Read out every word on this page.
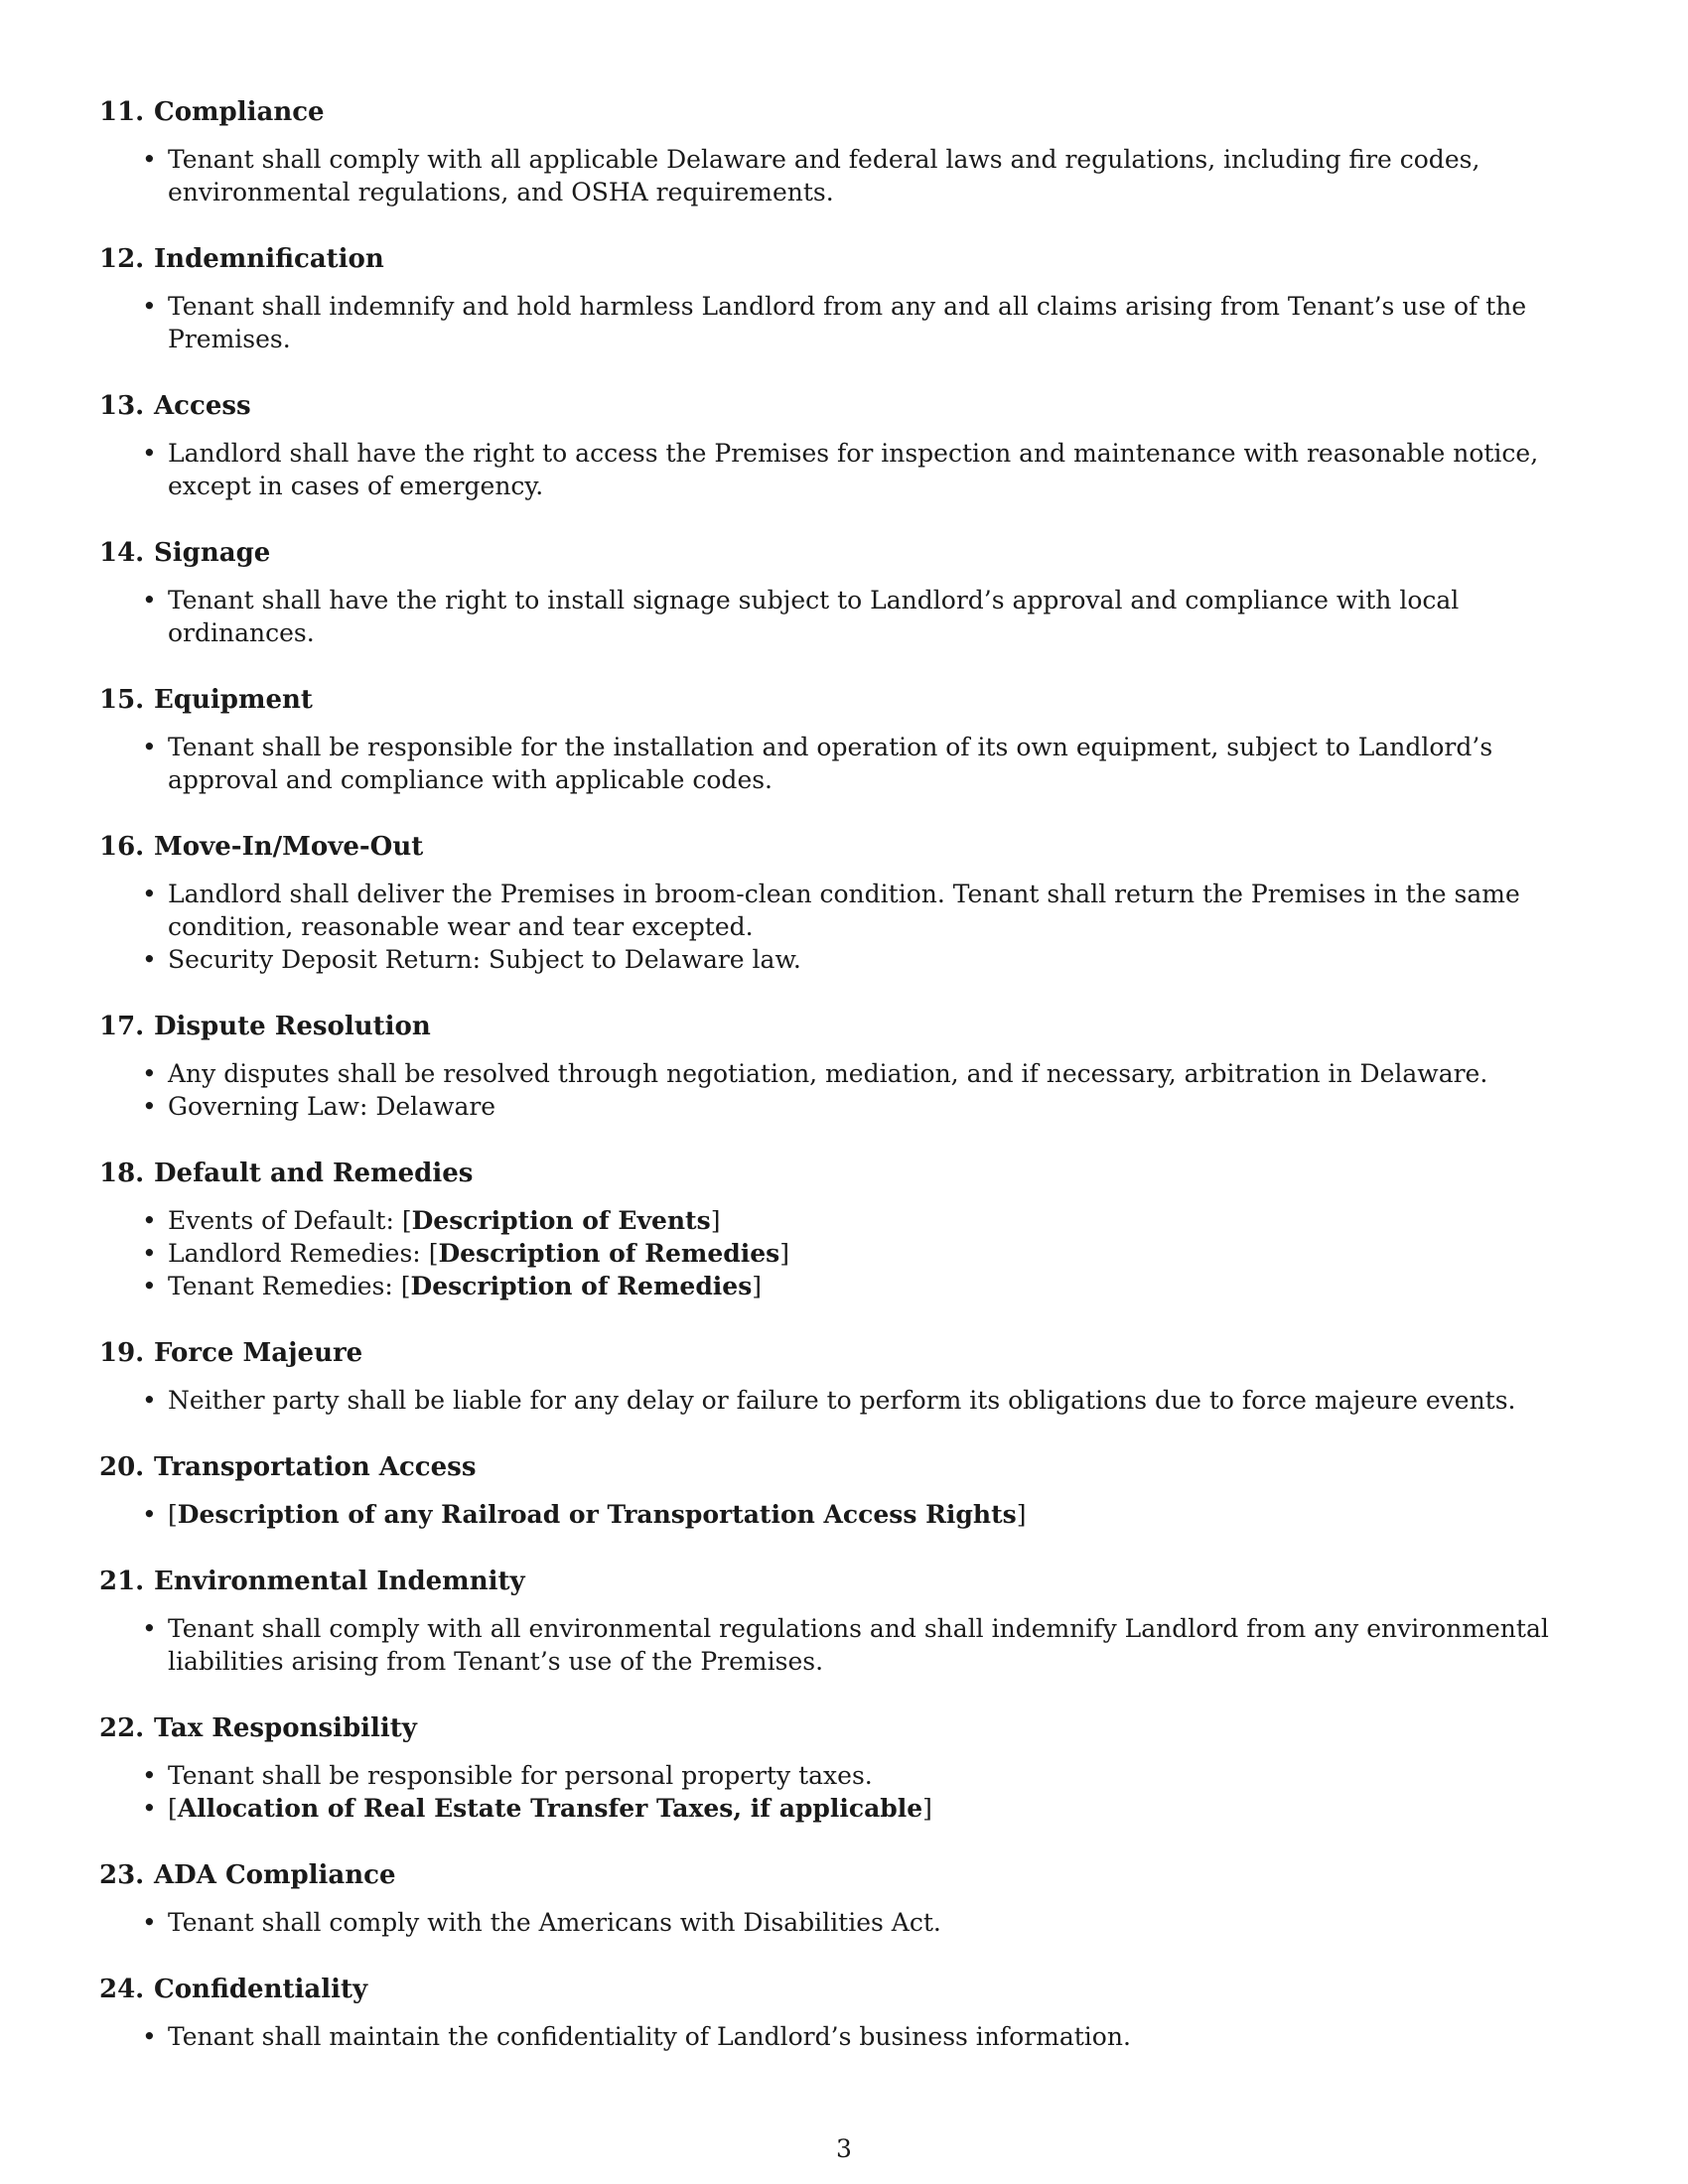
11. Compliance
• Tenant shall comply with all applicable Delaware and federal laws and regulations, including fire codes, environmental regulations, and OSHA requirements.
12. Indemnification
• Tenant shall indemnify and hold harmless Landlord from any and all claims arising from Tenant’s use of the Premises.
13. Access
• Landlord shall have the right to access the Premises for inspection and maintenance with reasonable notice, except in cases of emergency.
14. Signage
• Tenant shall have the right to install signage subject to Landlord’s approval and compliance with local ordinances.
15. Equipment
• Tenant shall be responsible for the installation and operation of its own equipment, subject to Landlord’s approval and compliance with applicable codes.
16. Move-In/Move-Out
• Landlord shall deliver the Premises in broom-clean condition. Tenant shall return the Premises in the same condition, reasonable wear and tear excepted.
• Security Deposit Return: Subject to Delaware law.
17. Dispute Resolution
• Any disputes shall be resolved through negotiation, mediation, and if necessary, arbitration in Delaware.
• Governing Law: Delaware
18. Default and Remedies
• Events of Default: [Description of Events]
• Landlord Remedies: [Description of Remedies]
• Tenant Remedies: [Description of Remedies]
19. Force Majeure
• Neither party shall be liable for any delay or failure to perform its obligations due to force majeure events.
20. Transportation Access
• [Description of any Railroad or Transportation Access Rights]
21. Environmental Indemnity
• Tenant shall comply with all environmental regulations and shall indemnify Landlord from any environmental liabilities arising from Tenant’s use of the Premises.
22. Tax Responsibility
• Tenant shall be responsible for personal property taxes.
• [Allocation of Real Estate Transfer Taxes, if applicable]
23. ADA Compliance
• Tenant shall comply with the Americans with Disabilities Act.
24. Confidentiality
• Tenant shall maintain the confidentiality of Landlord’s business information.
3
